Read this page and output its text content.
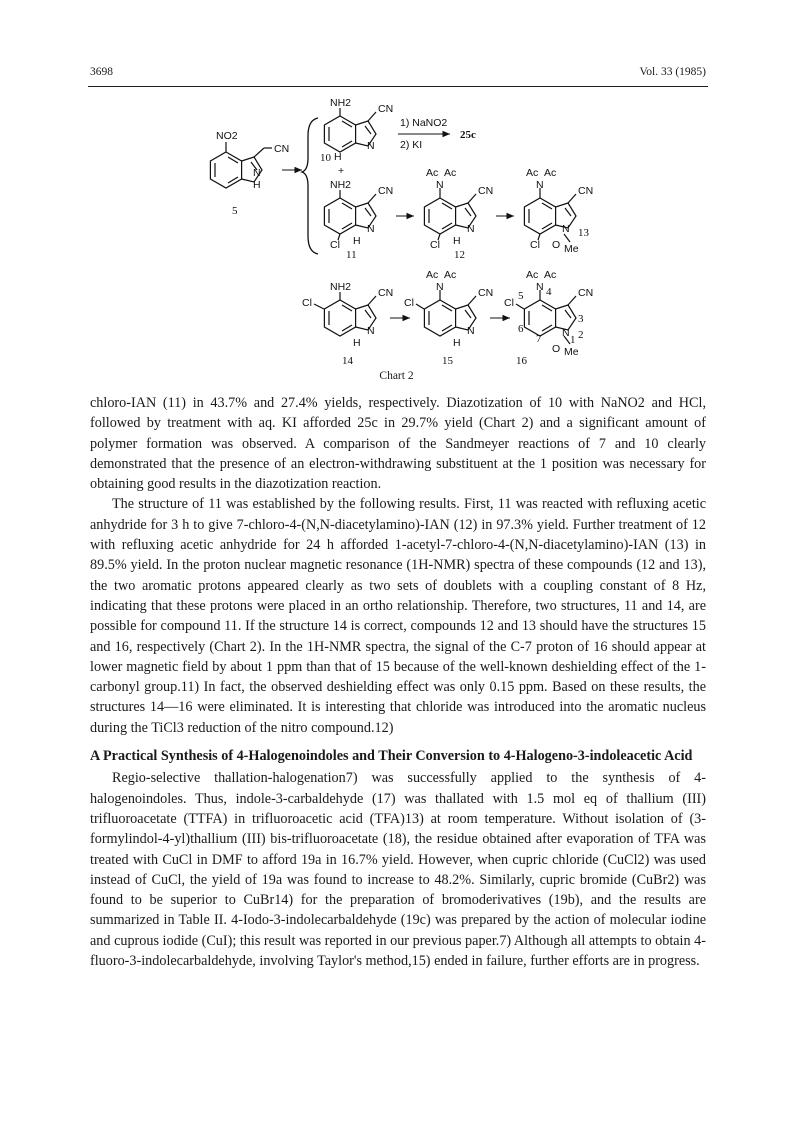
3698	Vol. 33 (1985)
NO2
CN
N
H
5
NH2	CN
N
H
10
+
1) NaNO2
2) KI
25c
NH2	CN
N
H
Cl
11
Ac Ac
N	CN
N
H
Cl
12
Ac Ac
N	CN
N
Cl O Me
13
NH2	CN
Cl
N
H
14
Ac Ac
N	CN
Cl
N
H
15
Ac Ac
N	CN
Cl
N
O Me
5 4
3
2
1
6
7
16
Chart 2

chloro-IAN (11) in 43.7% and 27.4% yields, respectively. Diazotization of 10 with NaNO2 and HCl, followed by treatment with aq. KI afforded 25c in 29.7% yield (Chart 2) and a significant amount of polymer formation was observed. A comparison of the Sandmeyer reactions of 7 and 10 clearly demonstrated that the presence of an electron-withdrawing substituent at the 1 position was necessary for obtaining good results in the diazotization reaction.

The structure of 11 was established by the following results. First, 11 was reacted with refluxing acetic anhydride for 3 h to give 7-chloro-4-(N,N-diacetylamino)-IAN (12) in 97.3% yield. Further treatment of 12 with refluxing acetic anhydride for 24 h afforded 1-acetyl-7-chloro-4-(N,N-diacetylamino)-IAN (13) in 89.5% yield. In the proton nuclear magnetic resonance (1H-NMR) spectra of these compounds (12 and 13), the two aromatic protons appeared clearly as two sets of doublets with a coupling constant of 8 Hz, indicating that these protons were placed in an ortho relationship. Therefore, two structures, 11 and 14, are possible for compound 11. If the structure 14 is correct, compounds 12 and 13 should have the structures 15 and 16, respectively (Chart 2). In the 1H-NMR spectra, the signal of the C-7 proton of 16 should appear at lower magnetic field by about 1 ppm than that of 15 because of the well-known deshielding effect of the 1-carbonyl group.11) In fact, the observed deshielding effect was only 0.15 ppm. Based on these results, the structures 14—16 were eliminated. It is interesting that chloride was introduced into the aromatic nucleus during the TiCl3 reduction of the nitro compound.12)

A Practical Synthesis of 4-Halogenoindoles and Their Conversion to 4-Halogeno-3-indoleacetic Acid

Regio-selective thallation-halogenation7) was successfully applied to the synthesis of 4-halogenoindoles. Thus, indole-3-carbaldehyde (17) was thallated with 1.5 mol eq of thallium (III) trifluoroacetate (TTFA) in trifluoroacetic acid (TFA)13) at room temperature. Without isolation of (3-formylindol-4-yl)thallium (III) bis-trifluoroacetate (18), the residue obtained after evaporation of TFA was treated with CuCl in DMF to afford 19a in 16.7% yield. However, when cupric chloride (CuCl2) was used instead of CuCl, the yield of 19a was found to increase to 48.2%. Similarly, cupric bromide (CuBr2) was found to be superior to CuBr14) for the preparation of bromoderivatives (19b), and the results are summarized in Table II. 4-Iodo-3-indolecarbaldehyde (19c) was prepared by the action of molecular iodine and cuprous iodide (CuI); this result was reported in our previous paper.7) Although all attempts to obtain 4-fluoro-3-indolecarbaldehyde, involving Taylor's method,15) ended in failure, further efforts are in progress.
